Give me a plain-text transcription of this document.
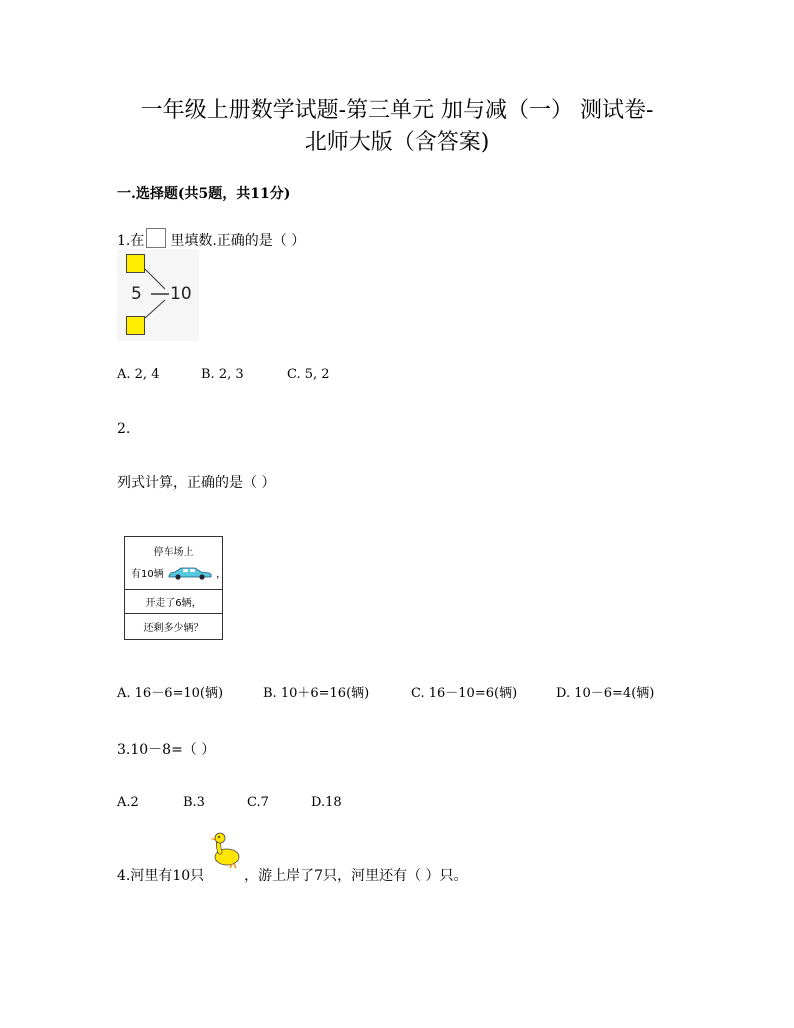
一年级上册数学试题-第三单元 加与减（一） 测试卷-
北师大版（含答案)
一.选择题(共5题，共11分)
1.在 里填数.正确的是（ ）
5 10
A. 2, 4	B. 2, 3	C. 5, 2
2.
列式计算，正确的是（ ）
停车场上
有10辆	，
开走了6辆，
还剩多少辆？
A. 16－6=10(辆)	B. 10＋6=16(辆)	C. 16－10=6(辆)	D. 10－6=4(辆)
3.10－8=（ ）
A.2	B.3	C.7	D.18
4.河里有10只	，游上岸了7只，河里还有（ ）只。
